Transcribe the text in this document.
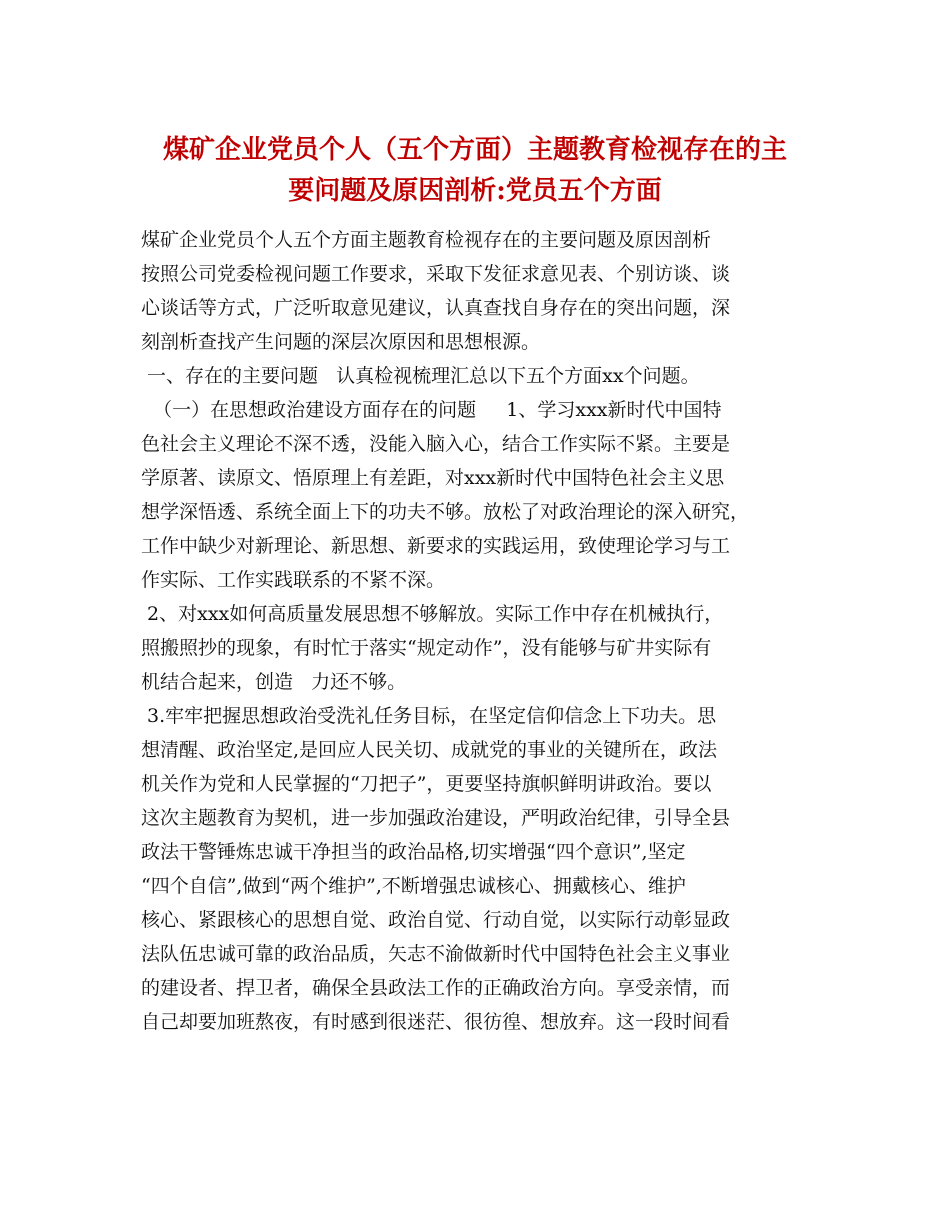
煤矿企业党员个人（五个方面）主题教育检视存在的主
要问题及原因剖析:党员五个方面
煤矿企业党员个人五个方面主题教育检视存在的主要问题及原因剖析
按照公司党委检视问题工作要求，采取下发征求意见表、个别访谈、谈
心谈话等方式，广泛听取意见建议，认真查找自身存在的突出问题，深
刻剖析查找产生问题的深层次原因和思想根源。
一、存在的主要问题   认真检视梳理汇总以下五个方面xx个问题。
（一）在思想政治建设方面存在的问题     1、学习xxx新时代中国特
色社会主义理论不深不透，没能入脑入心，结合工作实际不紧。主要是
学原著、读原文、悟原理上有差距，对xxx新时代中国特色社会主义思
想学深悟透、系统全面上下的功夫不够。放松了对政治理论的深入研究，
工作中缺少对新理论、新思想、新要求的实践运用，致使理论学习与工
作实际、工作实践联系的不紧不深。
2、对xxx如何高质量发展思想不够解放。实际工作中存在机械执行，
照搬照抄的现象，有时忙于落实“规定动作”，没有能够与矿井实际有
机结合起来，创造   力还不够。
3.牢牢把握思想政治受洗礼任务目标，在坚定信仰信念上下功夫。思
想清醒、政治坚定,是回应人民关切、成就党的事业的关键所在，政法
机关作为党和人民掌握的“刀把子”，更要坚持旗帜鲜明讲政治。要以
这次主题教育为契机，进一步加强政治建设，严明政治纪律，引导全县
政法干警锤炼忠诚干净担当的政治品格,切实增强“四个意识”,坚定
“四个自信”,做到“两个维护”,不断增强忠诚核心、拥戴核心、维护
核心、紧跟核心的思想自觉、政治自觉、行动自觉，以实际行动彰显政
法队伍忠诚可靠的政治品质，矢志不渝做新时代中国特色社会主义事业
的建设者、捍卫者，确保全县政法工作的正确政治方向。享受亲情，而
自己却要加班熬夜，有时感到很迷茫、很彷徨、想放弃。这一段时间看
